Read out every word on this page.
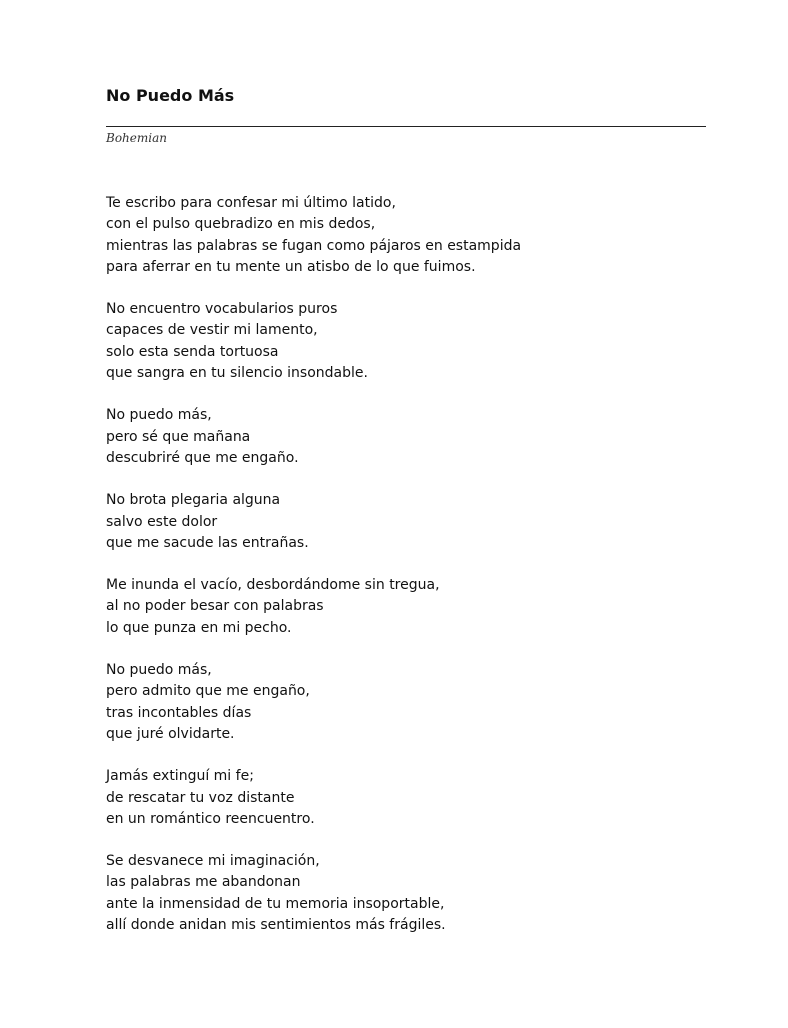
No Puedo Más
Bohemian
Te escribo para confesar mi último latido,
con el pulso quebradizo en mis dedos,
mientras las palabras se fugan como pájaros en estampida
para aferrar en tu mente un atisbo de lo que fuimos.
No encuentro vocabularios puros
capaces de vestir mi lamento,
solo esta senda tortuosa
que sangra en tu silencio insondable.
No puedo más,
pero sé que mañana
descubriré que me engaño.
No brota plegaria alguna
salvo este dolor
que me sacude las entrañas.
Me inunda el vacío, desbordándome sin tregua,
al no poder besar con palabras
lo que punza en mi pecho.
No puedo más,
pero admito que me engaño,
tras incontables días
que juré olvidarte.
Jamás extinguí mi fe;
de rescatar tu voz distante
en un romántico reencuentro.
Se desvanece mi imaginación,
las palabras me abandonan
ante la inmensidad de tu memoria insoportable,
allí donde anidan mis sentimientos más frágiles.
